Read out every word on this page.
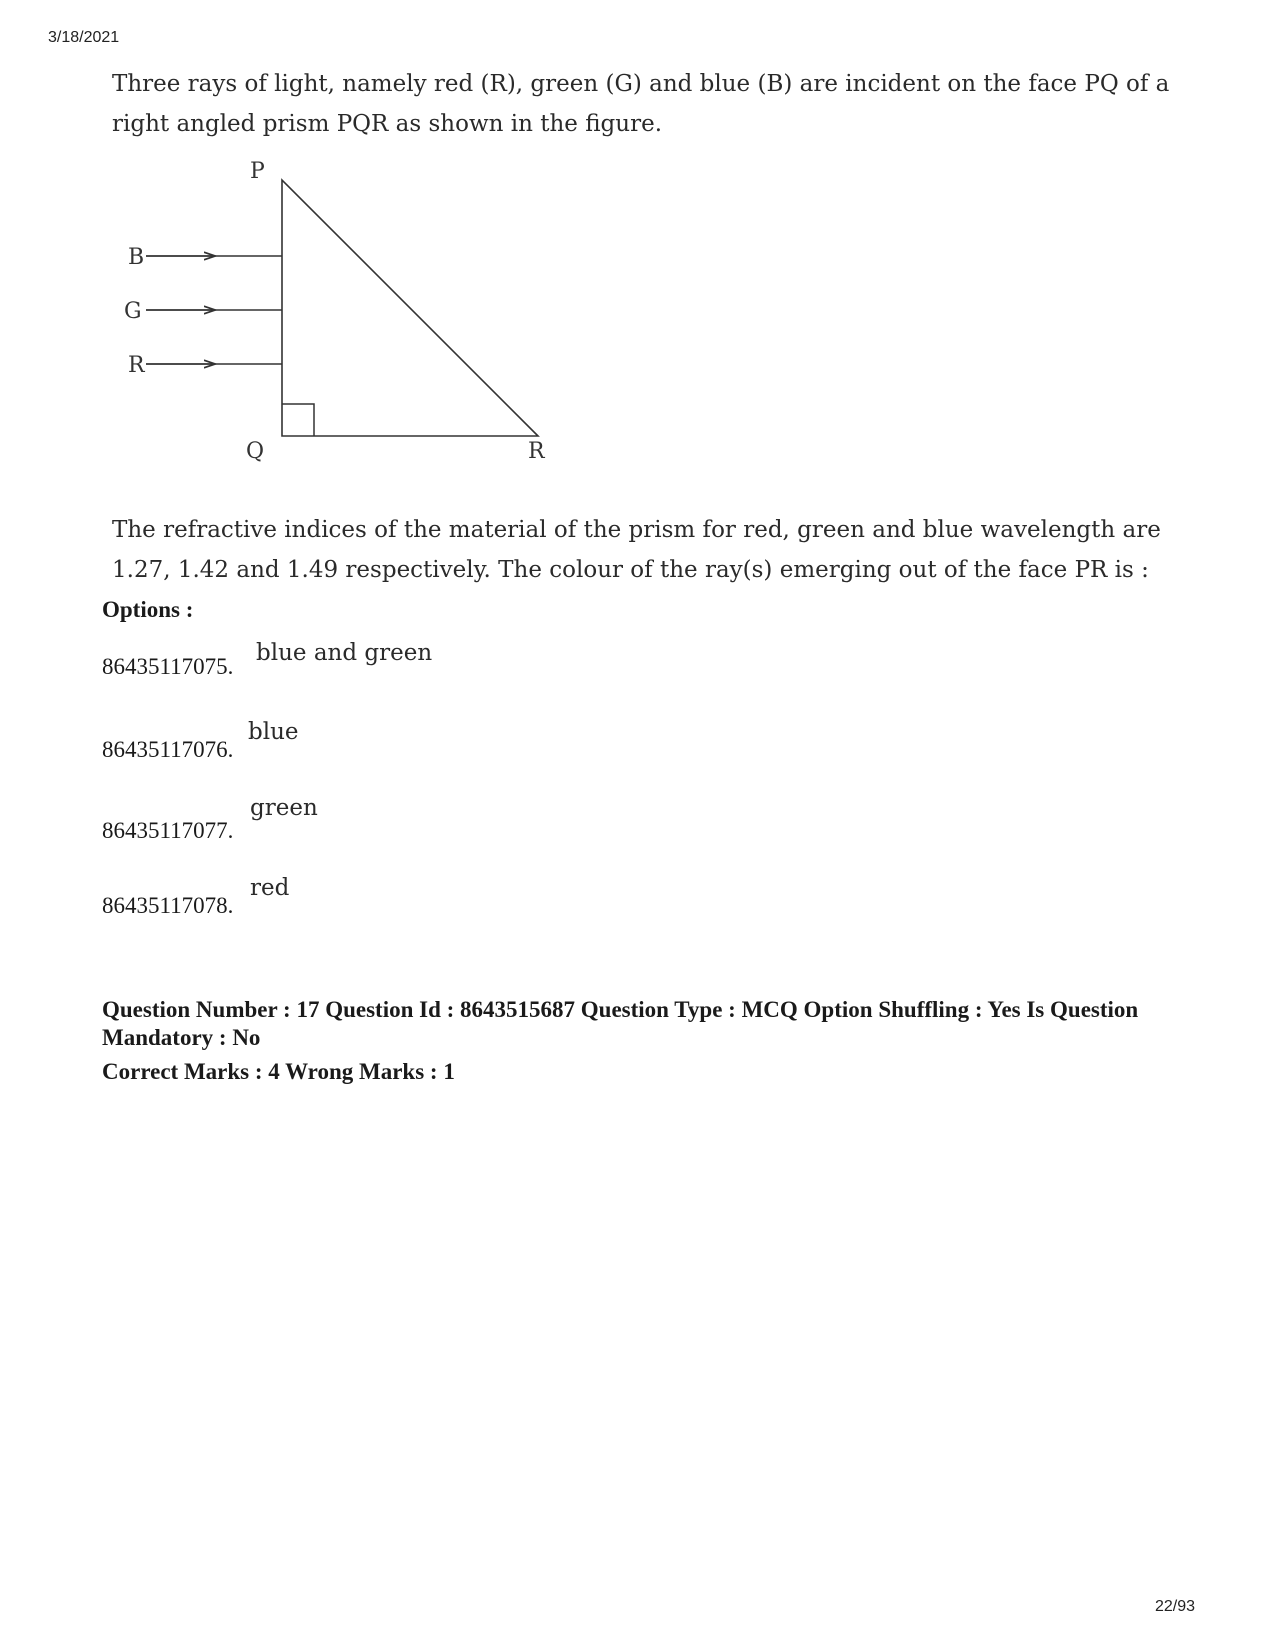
3/18/2021
Three rays of light, namely red (R), green (G) and blue (B) are incident on the face PQ of a right angled prism PQR as shown in the figure.
P
Q	R
B
G
R
The refractive indices of the material of the prism for red, green and blue wavelength are 1.27, 1.42 and 1.49 respectively. The colour of the ray(s) emerging out of the face PR is :
Options :
86435117075.
blue and green
86435117076.
blue
86435117077.
green
86435117078.
red
Question Number : 17 Question Id : 8643515687 Question Type : MCQ Option Shuffling : Yes Is Question Mandatory : No
Correct Marks : 4 Wrong Marks : 1
22/93
